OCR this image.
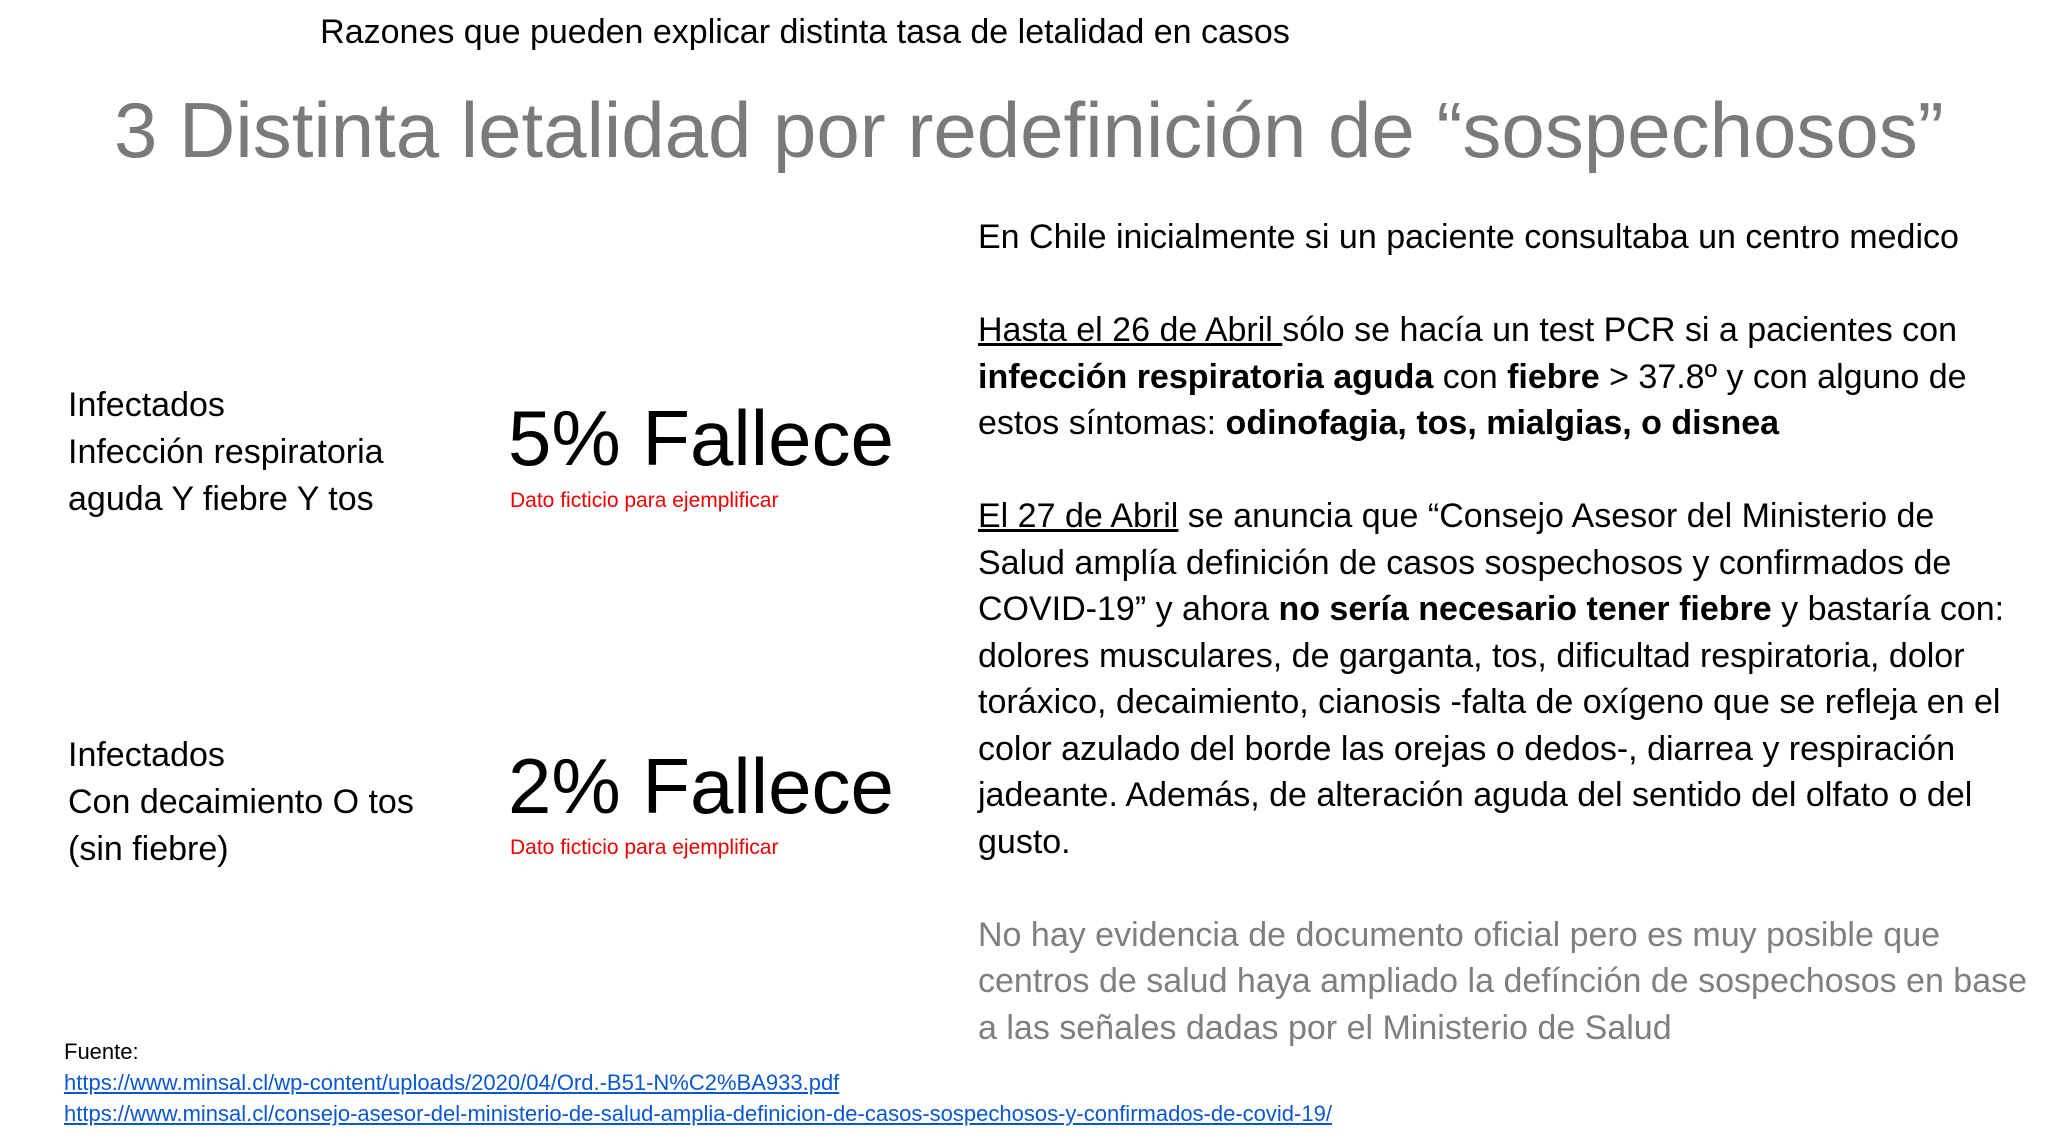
Razones que pueden explicar distinta tasa de letalidad en casos
3 Distinta letalidad por redefinición de “sospechosos”
Infectados
Infección respiratoria
aguda Y fiebre Y tos
5% Fallece
Dato ficticio para ejemplificar
Infectados
Con decaimiento O tos
(sin fiebre)
2% Fallece
Dato ficticio para ejemplificar

En Chile inicialmente si un paciente consultaba un centro medico

Hasta el 26 de Abril sólo se hacía un test PCR si a pacientes con infección respiratoria aguda con fiebre > 37.8º y con alguno de estos síntomas: odinofagia, tos, mialgias, o disnea

El 27 de Abril se anuncia que “Consejo Asesor del Ministerio de Salud amplía definición de casos sospechosos y confirmados de COVID-19” y ahora no sería necesario tener fiebre y bastaría con: dolores musculares, de garganta, tos, dificultad respiratoria, dolor toráxico, decaimiento, cianosis -falta de oxígeno que se refleja en el color azulado del borde las orejas o dedos-, diarrea y respiración jadeante. Además, de alteración aguda del sentido del olfato o del gusto.

No hay evidencia de documento oficial pero es muy posible que centros de salud haya ampliado la defínción de sospechosos en base a las señales dadas por el Ministerio de Salud

Fuente:
https://www.minsal.cl/wp-content/uploads/2020/04/Ord.-B51-N%C2%BA933.pdf
https://www.minsal.cl/consejo-asesor-del-ministerio-de-salud-amplia-definicion-de-casos-sospechosos-y-confirmados-de-covid-19/
